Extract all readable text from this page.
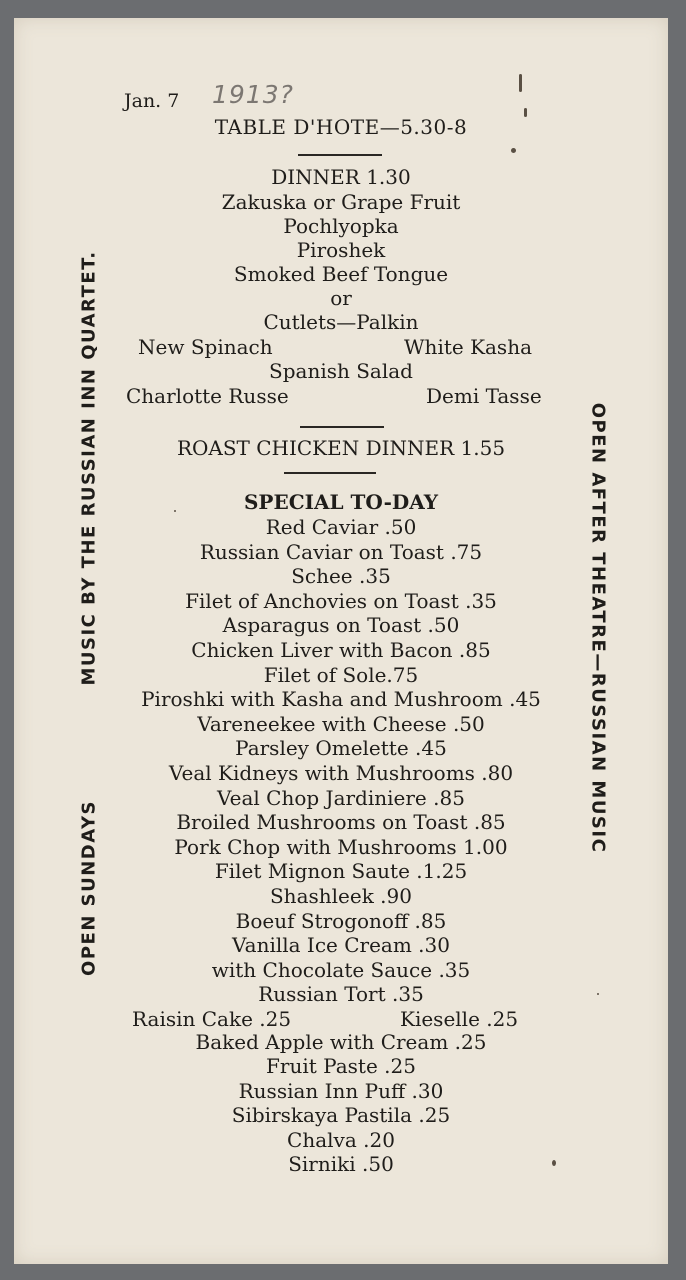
Jan. 7 1913?
TABLE D'HOTE—5.30-8
DINNER 1.30
Zakuska or Grape Fruit
Pochlyopka
Piroshek
Smoked Beef Tongue
or
Cutlets—Palkin
New Spinach	White Kasha
Spanish Salad
Charlotte Russe	Demi Tasse
ROAST CHICKEN DINNER 1.55
SPECIAL TO-DAY
Red Caviar .50
Russian Caviar on Toast .75
Schee .35
Filet of Anchovies on Toast .35
Asparagus on Toast .50
Chicken Liver with Bacon .85
Filet of Sole.75
Piroshki with Kasha and Mushroom .45
Vareneekee with Cheese .50
Parsley Omelette .45
Veal Kidneys with Mushrooms .80
Veal Chop Jardiniere .85
Broiled Mushrooms on Toast .85
Pork Chop with Mushrooms 1.00
Filet Mignon Saute .1.25
Shashleek .90
Boeuf Strogonoff .85
Vanilla Ice Cream .30
with Chocolate Sauce .35
Russian Tort .35
Raisin Cake .25	Kieselle .25
Baked Apple with Cream .25
Fruit Paste .25
Russian Inn Puff .30
Sibirskaya Pastila .25
Chalva .20
Sirniki .50
MUSIC BY THE RUSSIAN INN QUARTET.
OPEN SUNDAYS
OPEN AFTER THEATRE—RUSSIAN MUSIC
